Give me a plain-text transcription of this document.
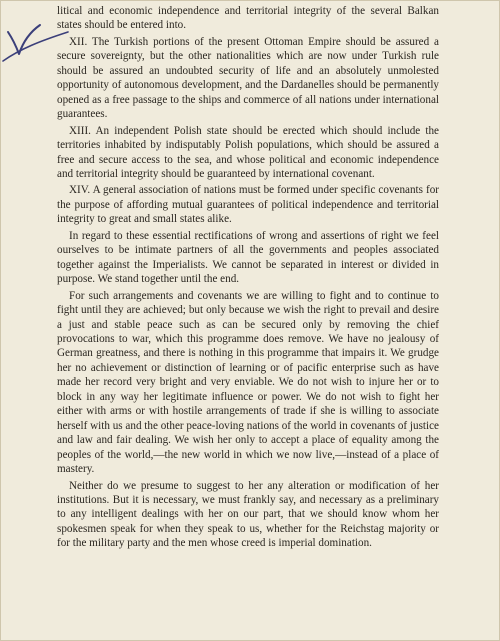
litical and economic independence and territorial integrity of the several Balkan states should be entered into.

XII. The Turkish portions of the present Ottoman Empire should be assured a secure sovereignty, but the other nationalities which are now under Turkish rule should be assured an undoubted security of life and an absolutely unmolested opportunity of autonomous development, and the Dardanelles should be permanently opened as a free passage to the ships and commerce of all nations under international guarantees.

XIII. An independent Polish state should be erected which should include the territories inhabited by indisputably Polish populations, which should be assured a free and secure access to the sea, and whose political and economic independence and territorial integrity should be guaranteed by international covenant.

XIV. A general association of nations must be formed under specific covenants for the purpose of affording mutual guarantees of political independence and territorial integrity to great and small states alike.

In regard to these essential rectifications of wrong and assertions of right we feel ourselves to be intimate partners of all the governments and peoples associated together against the Imperialists. We cannot be separated in interest or divided in purpose. We stand together until the end.

For such arrangements and covenants we are willing to fight and to continue to fight until they are achieved; but only because we wish the right to prevail and desire a just and stable peace such as can be secured only by removing the chief provocations to war, which this programme does remove. We have no jealousy of German greatness, and there is nothing in this programme that impairs it. We grudge her no achievement or distinction of learning or of pacific enterprise such as have made her record very bright and very enviable. We do not wish to injure her or to block in any way her legitimate influence or power. We do not wish to fight her either with arms or with hostile arrangements of trade if she is willing to associate herself with us and the other peace-loving nations of the world in covenants of justice and law and fair dealing. We wish her only to accept a place of equality among the peoples of the world,—the new world in which we now live,—instead of a place of mastery.

Neither do we presume to suggest to her any alteration or modification of her institutions. But it is necessary, we must frankly say, and necessary as a preliminary to any intelligent dealings with her on our part, that we should know whom her spokesmen speak for when they speak to us, whether for the Reichstag majority or for the military party and the men whose creed is imperial domination.
